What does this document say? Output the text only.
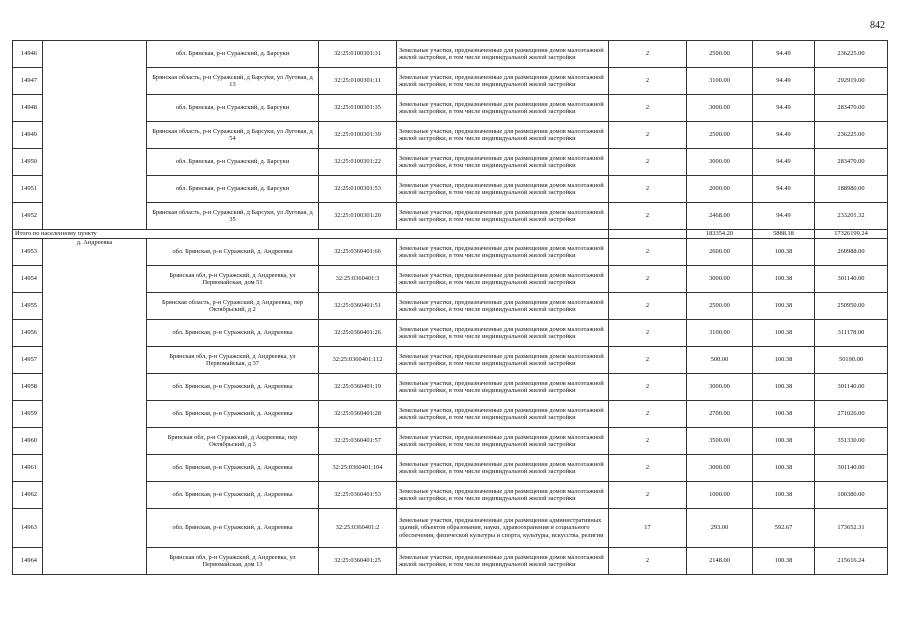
842
14946		обл. Брянская, р-н Суражский, д. Барсуки	32:25:0100301:31	Земельные участки, предназначенные для размещения домов малоэтажной жилой застройки, в том числе индивидуальной жилой застройки	2	2500.00	94.49	236225.00
14947		Брянская область, р-н Суражский, д Барсуки, ул Луговая, д 13	32:25:0100301:11	Земельные участки, предназначенные для размещения домов малоэтажной жилой застройки, в том числе индивидуальной жилой застройки	2	3100.00	94.49	292919.00
14948		обл. Брянская, р-н Суражский, д. Барсуки	32:25:0100301:35	Земельные участки, предназначенные для размещения домов малоэтажной жилой застройки, в том числе индивидуальной жилой застройки	2	3000.00	94.49	283470.00
14949		Брянская область, р-н Суражский, д Барсуки, ул Луговая, д 54	32:25:0100301:39	Земельные участки, предназначенные для размещения домов малоэтажной жилой застройки, в том числе индивидуальной жилой застройки	2	2500.00	94.49	236225.00
14950		обл. Брянская, р-н Суражский, д. Барсуки	32:25:0100301:22	Земельные участки, предназначенные для размещения домов малоэтажной жилой застройки, в том числе индивидуальной жилой застройки	2	3000.00	94.49	283470.00
14951		обл. Брянская, р-н Суражский, д. Барсуки	32:25:0100301:53	Земельные участки, предназначенные для размещения домов малоэтажной жилой застройки, в том числе индивидуальной жилой застройки	2	2000.00	94.49	188980.00
14952		Брянская область, р-н Суражский, д Барсуки, ул Луговая, д 35	32:25:0100301:20	Земельные участки, предназначенные для размещения домов малоэтажной жилой застройки, в том числе индивидуальной жилой застройки	2	2468.00	94.49	233201.32
Итого по населенному пункту						183354.20	5888.18	17326199.24
14953	д. Андреевка	обл. Брянская, р-н Суражский, д. Андреевка	32:25:0360401:66	Земельные участки, предназначенные для размещения домов малоэтажной жилой застройки, в том числе индивидуальной жилой застройки	2	2600.00	100.38	260988.00
14954		Брянская обл, р-н Суражский, д Андреевка, ул Первомайская, дом 51	32:25:0360401:3	Земельные участки, предназначенные для размещения домов малоэтажной жилой застройки, в том числе индивидуальной жилой застройки	2	3000.00	100.38	301140.00
14955		Брянская область, р-н Суражский, д Андреевка, пер Октябрьский, д 2	32:25:0360401:51	Земельные участки, предназначенные для размещения домов малоэтажной жилой застройки, в том числе индивидуальной жилой застройки	2	2500.00	100.38	250950.00
14956		обл. Брянская, р-н Суражский, д. Андреевка	32:25:0360401:26	Земельные участки, предназначенные для размещения домов малоэтажной жилой застройки, в том числе индивидуальной жилой застройки	2	3100.00	100.38	311178.00
14957		Брянская обл, р-н Суражский, д Андреевка, ул Первомайская, д 37	32:25:0360401:112	Земельные участки, предназначенные для размещения домов малоэтажной жилой застройки, в том числе индивидуальной жилой застройки	2	500.00	100.38	50190.00
14958		обл. Брянская, р-н Суражский, д. Андреевка	32:25:0360401:19	Земельные участки, предназначенные для размещения домов малоэтажной жилой застройки, в том числе индивидуальной жилой застройки	2	3000.00	100.38	301140.00
14959		обл. Брянская, р-н Суражский, д. Андреевка	32:25:0360401:28	Земельные участки, предназначенные для размещения домов малоэтажной жилой застройки, в том числе индивидуальной жилой застройки	2	2700.00	100.38	271026.00
14960		Брянская обл, р-н Суражский, д Андреевка, пер Октябрьский, д 3	32:25:0360401:57	Земельные участки, предназначенные для размещения домов малоэтажной жилой застройки, в том числе индивидуальной жилой застройки	2	3500.00	100.38	351330.00
14961		обл. Брянская, р-н Суражский, д. Андреевка	32:25:0360401:104	Земельные участки, предназначенные для размещения домов малоэтажной жилой застройки, в том числе индивидуальной жилой застройки	2	3000.00	100.38	301140.00
14962		обл. Брянская, р-н Суражский, д. Андреевка	32:25:0360401:53	Земельные участки, предназначенные для размещения домов малоэтажной жилой застройки, в том числе индивидуальной жилой застройки	2	1000.00	100.38	100380.00
14963		обл. Брянская, р-н Суражский, д. Андреевка	32:25:0360401:2	Земельные участки, предназначенные для размещения административных зданий, объектов образования, науки, здравоохранения и социального обеспечения, физической культуры и спорта, культуры, искусства, религии	17	293.00	592.67	173652.31
14964		Брянская обл, р-н Суражский, д Андреевка, ул Первомайская, дом 13	32:25:0360401:25	Земельные участки, предназначенные для размещения домов малоэтажной жилой застройки, в том числе индивидуальной жилой застройки	2	2148.00	100.38	215616.24
